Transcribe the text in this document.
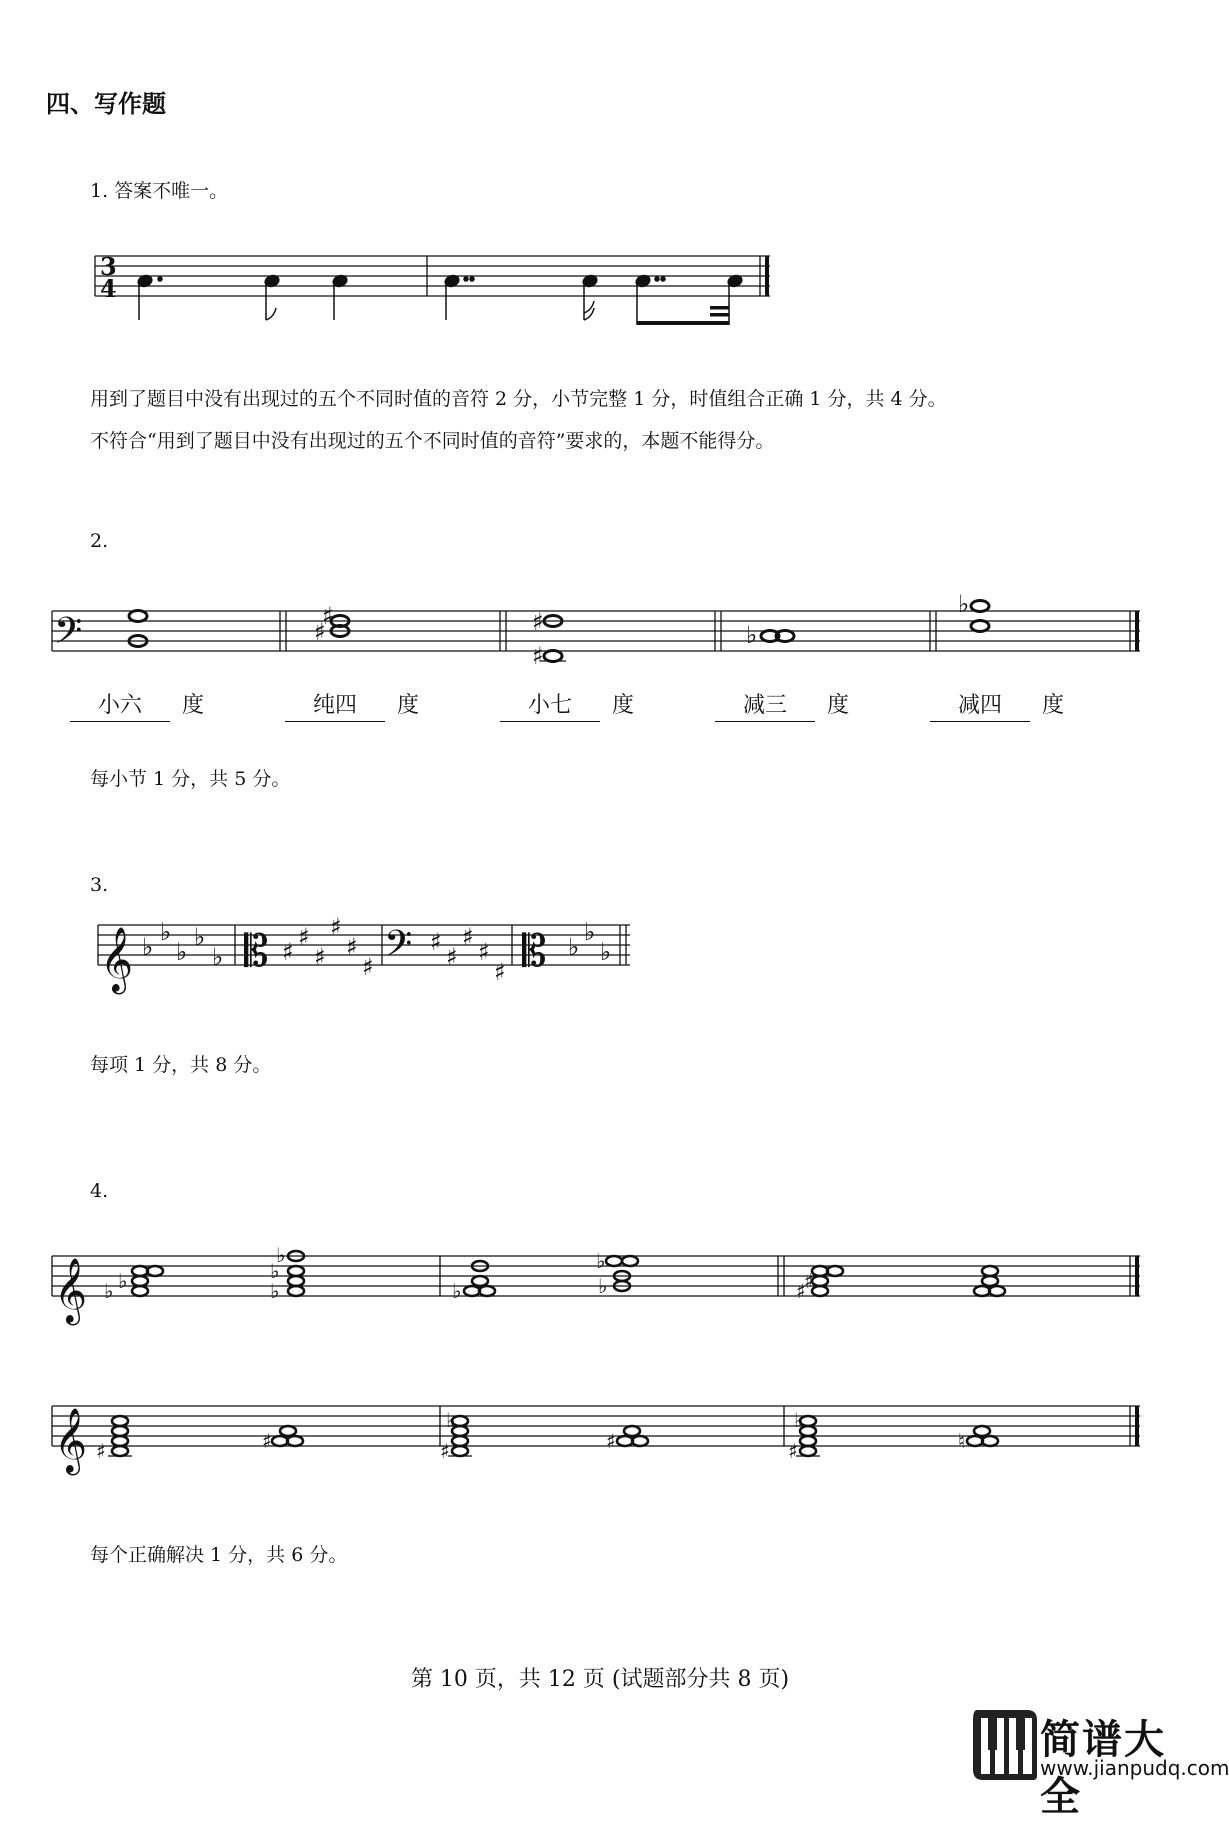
四、写作题
1. 答案不唯一。
3
4
用到了题目中没有出现过的五个不同时值的音符 2 分，小节完整 1 分，时值组合正确 1 分，共 4 分。
不符合“用到了题目中没有出现过的五个不同时值的音符”要求的，本题不能得分。
2.
𝄢	♯
♯	♯
♯
♭
♭
小六 度	纯四 度	小七 度	减三 度	减四 度
每小节 1 分，共 5 分。
3.
𝄞	𝄡	𝄢 𝄡
♭
♭
♭
♭
♭ ♯
♯
♯
♯
♯
♯
♯
♯
♯
♯
♯
♭
♭
♭
每项 1 分，共 8 分。
4.
𝄞 ♭ ♭	♭
♭
♭
♭	♭
♭
♯
♯
𝄞 ♯	♯	♯
♭
♯	♯
♭
♮
每个正确解决 1 分，共 6 分。
第 10 页，共 12 页 (试题部分共 8 页)
简谱大全
www.jianpudq.com
